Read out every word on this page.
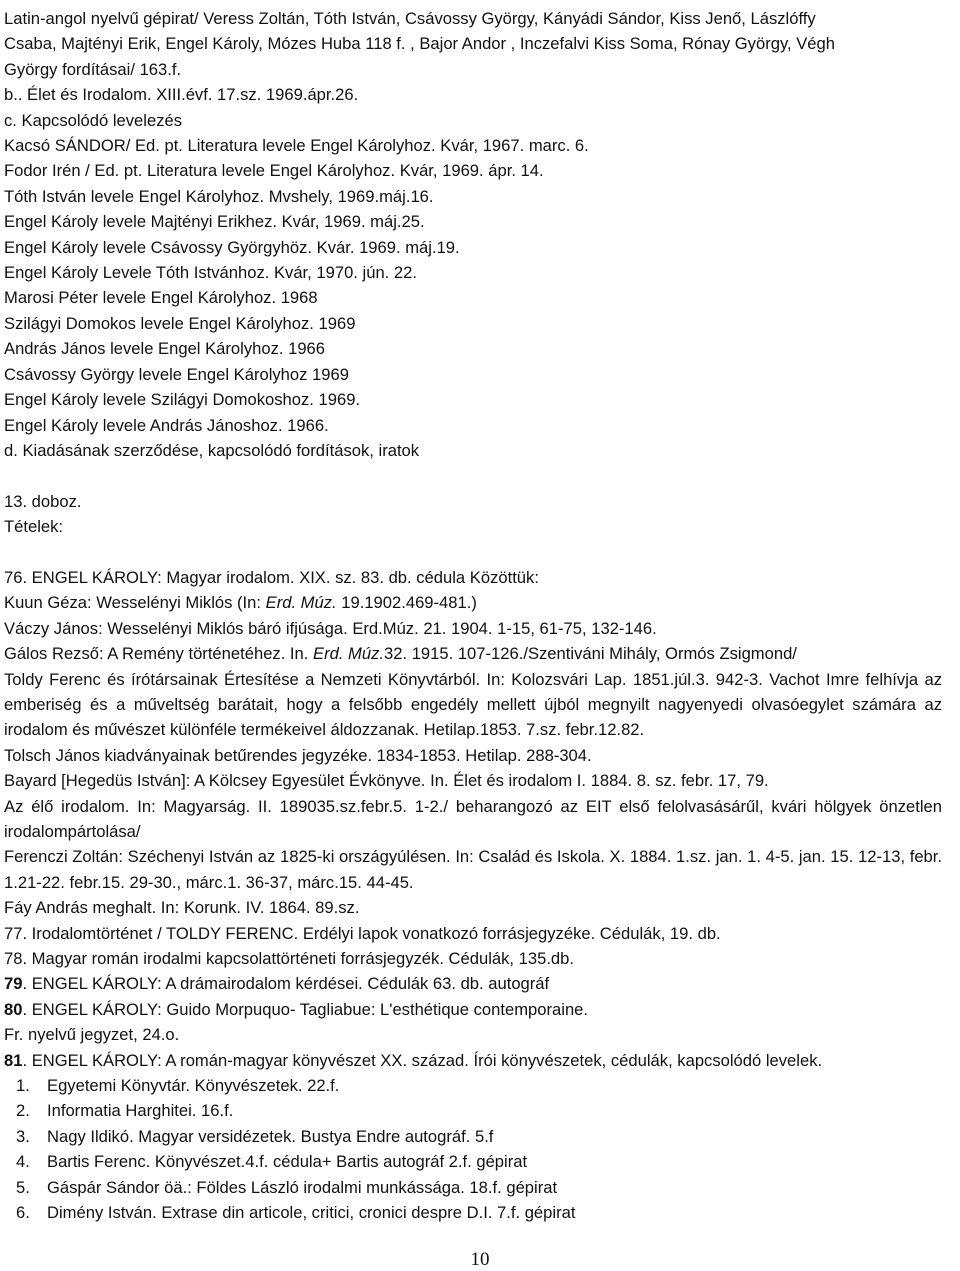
Latin-angol nyelvű gépirat/ Veress Zoltán, Tóth István, Csávossy György, Kányádi Sándor, Kiss Jenő, Lászlóffy

Csaba, Majtényi Erik, Engel Károly, Mózes Huba 118 f. , Bajor Andor , Inczefalvi Kiss Soma, Rónay György, Végh

György fordításai/ 163.f.

b.. Élet és Irodalom. XIII.évf. 17.sz. 1969.ápr.26.

c. Kapcsolódó levelezés

Kacsó SÁNDOR/ Ed. pt. Literatura levele Engel Károlyhoz. Kvár, 1967. marc. 6.

Fodor Irén / Ed. pt. Literatura levele Engel Károlyhoz. Kvár, 1969. ápr. 14.

Tóth István levele Engel Károlyhoz. Mvshely, 1969.máj.16.

Engel Károly levele Majtényi Erikhez. Kvár, 1969. máj.25.

Engel Károly levele Csávossy Györgyhöz. Kvár. 1969. máj.19.

Engel Károly Levele Tóth Istvánhoz. Kvár, 1970. jún. 22.

Marosi Péter levele Engel Károlyhoz. 1968

Szilágyi Domokos levele Engel Károlyhoz. 1969

András János levele Engel Károlyhoz. 1966

Csávossy György levele Engel Károlyhoz 1969

Engel Károly levele Szilágyi Domokoshoz. 1969.

Engel Károly levele András Jánoshoz. 1966.

d. Kiadásának szerződése, kapcsolódó fordítások, iratok

13. doboz.

Tételek:

76. ENGEL KÁROLY: Magyar irodalom. XIX. sz. 83. db. cédula Közöttük:

Kuun Géza: Wesselényi Miklós (In: Erd. Múz. 19.1902.469-481.)

Váczy János: Wesselényi Miklós báró ifjúsága. Erd.Múz. 21. 1904. 1-15, 61-75, 132-146.

Gálos Rezső: A Remény történetéhez. In. Erd. Múz.32. 1915. 107-126./Szentiváni Mihály, Ormós Zsigmond/

Toldy Ferenc és írótársainak Értesítése a Nemzeti Könyvtárból. In: Kolozsvári Lap. 1851.júl.3. 942-3. Vachot Imre felhívja az emberiség és a műveltség barátait, hogy a felsőbb engedély mellett újból megnyilt nagyenyedi olvasóegylet számára az irodalom és művészet különféle termékeivel áldozzanak. Hetilap.1853. 7.sz. febr.12.82.

Tolsch János kiadványainak betűrendes jegyzéke. 1834-1853. Hetilap. 288-304.

Bayard [Hegedüs István]: A Kölcsey Egyesület Évkönyve. In. Élet és irodalom I. 1884. 8. sz. febr. 17, 79.

Az élő irodalom. In: Magyarság. II. 189035.sz.febr.5. 1-2./ beharangozó az EIT első felolvasásárűl, kvári hölgyek önzetlen irodalompártolása/

Ferenczi Zoltán: Széchenyi István az 1825-ki országyúlésen. In: Család és Iskola. X. 1884. 1.sz. jan. 1. 4-5. jan. 15. 12-13, febr. 1.21-22. febr.15. 29-30., márc.1. 36-37, márc.15. 44-45.

Fáy András meghalt. In: Korunk. IV. 1864. 89.sz.

77. Irodalomtörténet / TOLDY FERENC. Erdélyi lapok vonatkozó forrásjegyzéke. Cédulák, 19. db.

78. Magyar román irodalmi kapcsolattörténeti forrásjegyzék. Cédulák, 135.db.

79. ENGEL KÁROLY: A drámairodalom kérdései. Cédulák 63. db. autográf

80. ENGEL KÁROLY: Guido Morpuquo- Tagliabue: L'esthétique contemporaine.

Fr. nyelvű jegyzet, 24.o.

81. ENGEL KÁROLY: A román-magyar könyvészet XX. század. Írói könyvészetek, cédulák, kapcsolódó levelek.

1. Egyetemi Könyvtár. Könyvészetek. 22.f.
2. Informatia Harghitei. 16.f.
3. Nagy Ildikó. Magyar versidézetek. Bustya Endre autográf. 5.f
4. Bartis Ferenc. Könyvészet.4.f. cédula+ Bartis autográf 2.f. gépirat
5. Gáspár Sándor öä.: Földes László irodalmi munkássága. 18.f. gépirat
6. Dimény István. Extrase din articole, critici, cronici despre D.I. 7.f. gépirat
10
